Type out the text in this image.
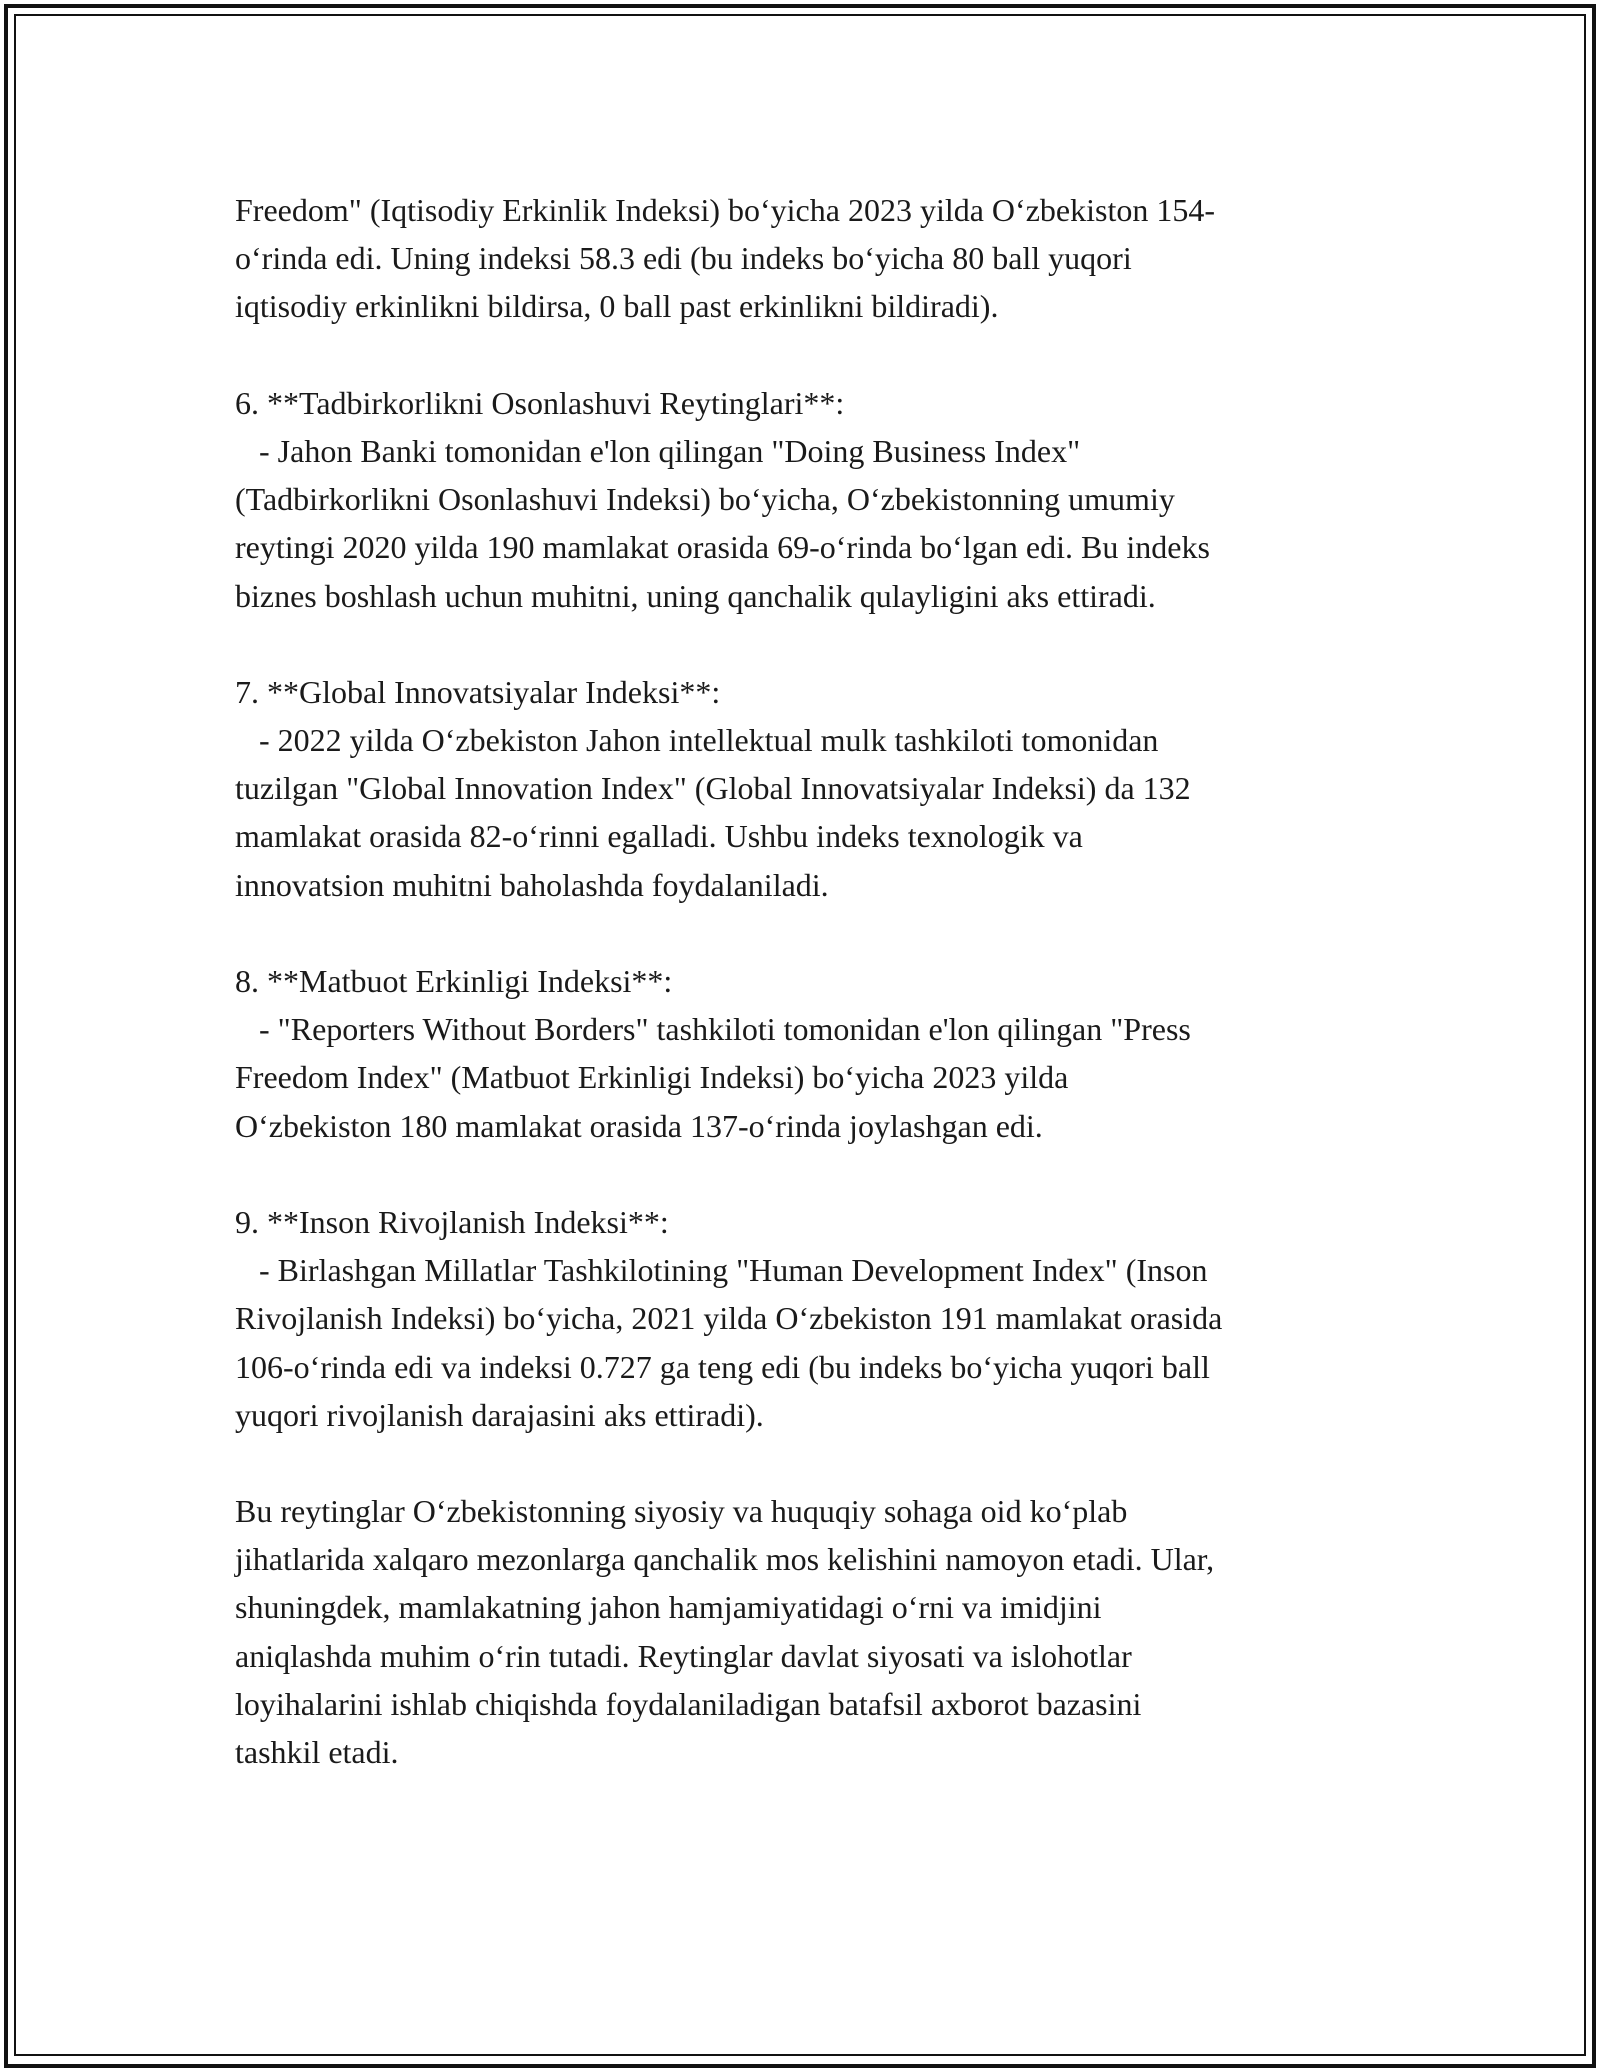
Freedom" (Iqtisodiy Erkinlik Indeksi) bo‘yicha 2023 yilda O‘zbekiston 154-
o‘rinda edi. Uning indeksi 58.3 edi (bu indeks bo‘yicha 80 ball yuqori
iqtisodiy erkinlikni bildirsa, 0 ball past erkinlikni bildiradi).
6. **Tadbirkorlikni Osonlashuvi Reytinglari**:
- Jahon Banki tomonidan e'lon qilingan "Doing Business Index"
(Tadbirkorlikni Osonlashuvi Indeksi) bo‘yicha, O‘zbekistonning umumiy
reytingi 2020 yilda 190 mamlakat orasida 69-o‘rinda bo‘lgan edi. Bu indeks
biznes boshlash uchun muhitni, uning qanchalik qulayligini aks ettiradi.
7. **Global Innovatsiyalar Indeksi**:
- 2022 yilda O‘zbekiston Jahon intellektual mulk tashkiloti tomonidan
tuzilgan "Global Innovation Index" (Global Innovatsiyalar Indeksi) da 132
mamlakat orasida 82-o‘rinni egalladi. Ushbu indeks texnologik va
innovatsion muhitni baholashda foydalaniladi.
8. **Matbuot Erkinligi Indeksi**:
- "Reporters Without Borders" tashkiloti tomonidan e'lon qilingan "Press
Freedom Index" (Matbuot Erkinligi Indeksi) bo‘yicha 2023 yilda
O‘zbekiston 180 mamlakat orasida 137-o‘rinda joylashgan edi.
9. **Inson Rivojlanish Indeksi**:
- Birlashgan Millatlar Tashkilotining "Human Development Index" (Inson
Rivojlanish Indeksi) bo‘yicha, 2021 yilda O‘zbekiston 191 mamlakat orasida
106-o‘rinda edi va indeksi 0.727 ga teng edi (bu indeks bo‘yicha yuqori ball
yuqori rivojlanish darajasini aks ettiradi).
Bu reytinglar O‘zbekistonning siyosiy va huquqiy sohaga oid ko‘plab
jihatlarida xalqaro mezonlarga qanchalik mos kelishini namoyon etadi. Ular,
shuningdek, mamlakatning jahon hamjamiyatidagi o‘rni va imidjini
aniqlashda muhim o‘rin tutadi. Reytinglar davlat siyosati va islohotlar
loyihalarini ishlab chiqishda foydalaniladigan batafsil axborot bazasini
tashkil etadi.
